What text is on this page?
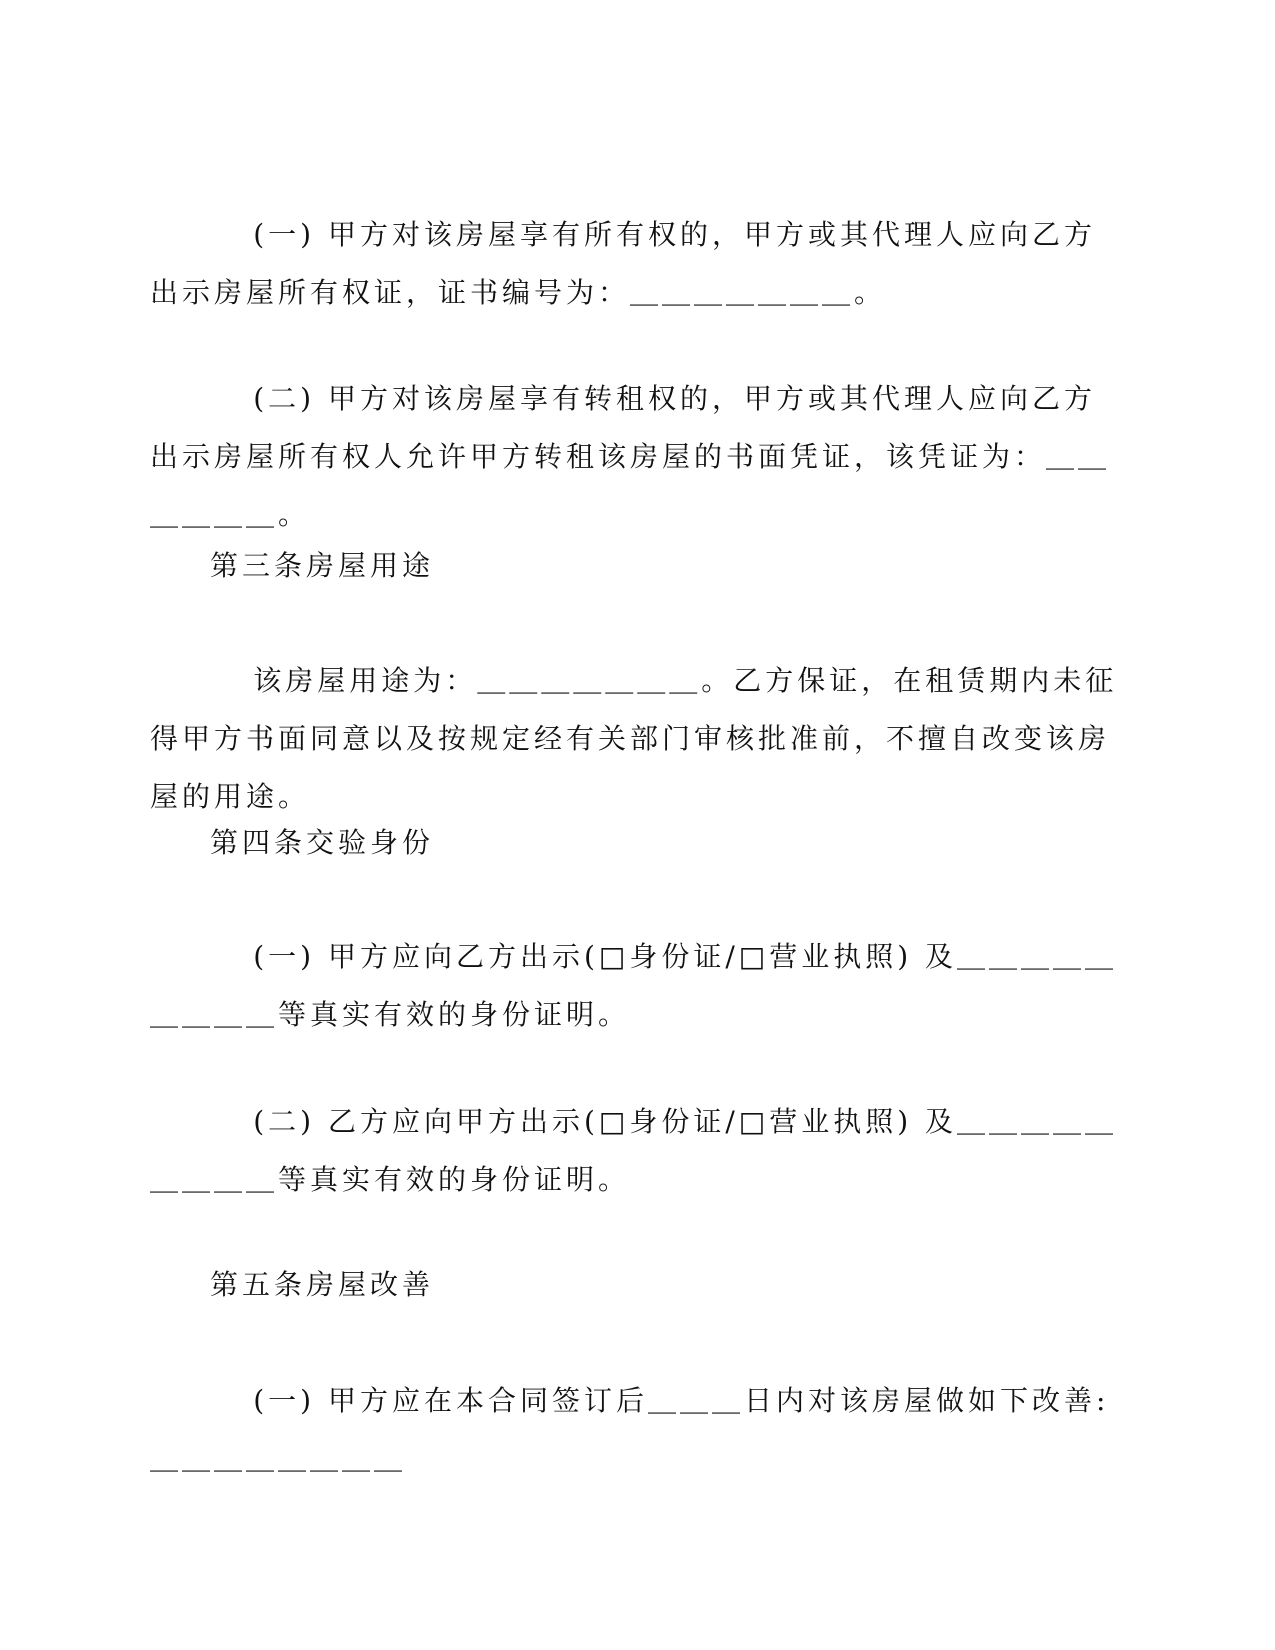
(一) 甲方对该房屋享有所有权的，甲方或其代理人应向乙方出示房屋所有权证，证书编号为：＿＿＿＿＿＿＿。

(二) 甲方对该房屋享有转租权的，甲方或其代理人应向乙方出示房屋所有权人允许甲方转租该房屋的书面凭证，该凭证为：＿＿＿＿＿＿。

第三条房屋用途

该房屋用途为：＿＿＿＿＿＿＿。乙方保证，在租赁期内未征得甲方书面同意以及按规定经有关部门审核批准前，不擅自改变该房屋的用途。

第四条交验身份

(一) 甲方应向乙方出示(□身份证/□营业执照) 及＿＿＿＿＿＿＿＿＿等真实有效的身份证明。

(二) 乙方应向甲方出示(□身份证/□营业执照) 及＿＿＿＿＿＿＿＿＿等真实有效的身份证明。

第五条房屋改善

(一) 甲方应在本合同签订后＿＿＿日内对该房屋做如下改善: ＿＿＿＿＿＿＿＿
